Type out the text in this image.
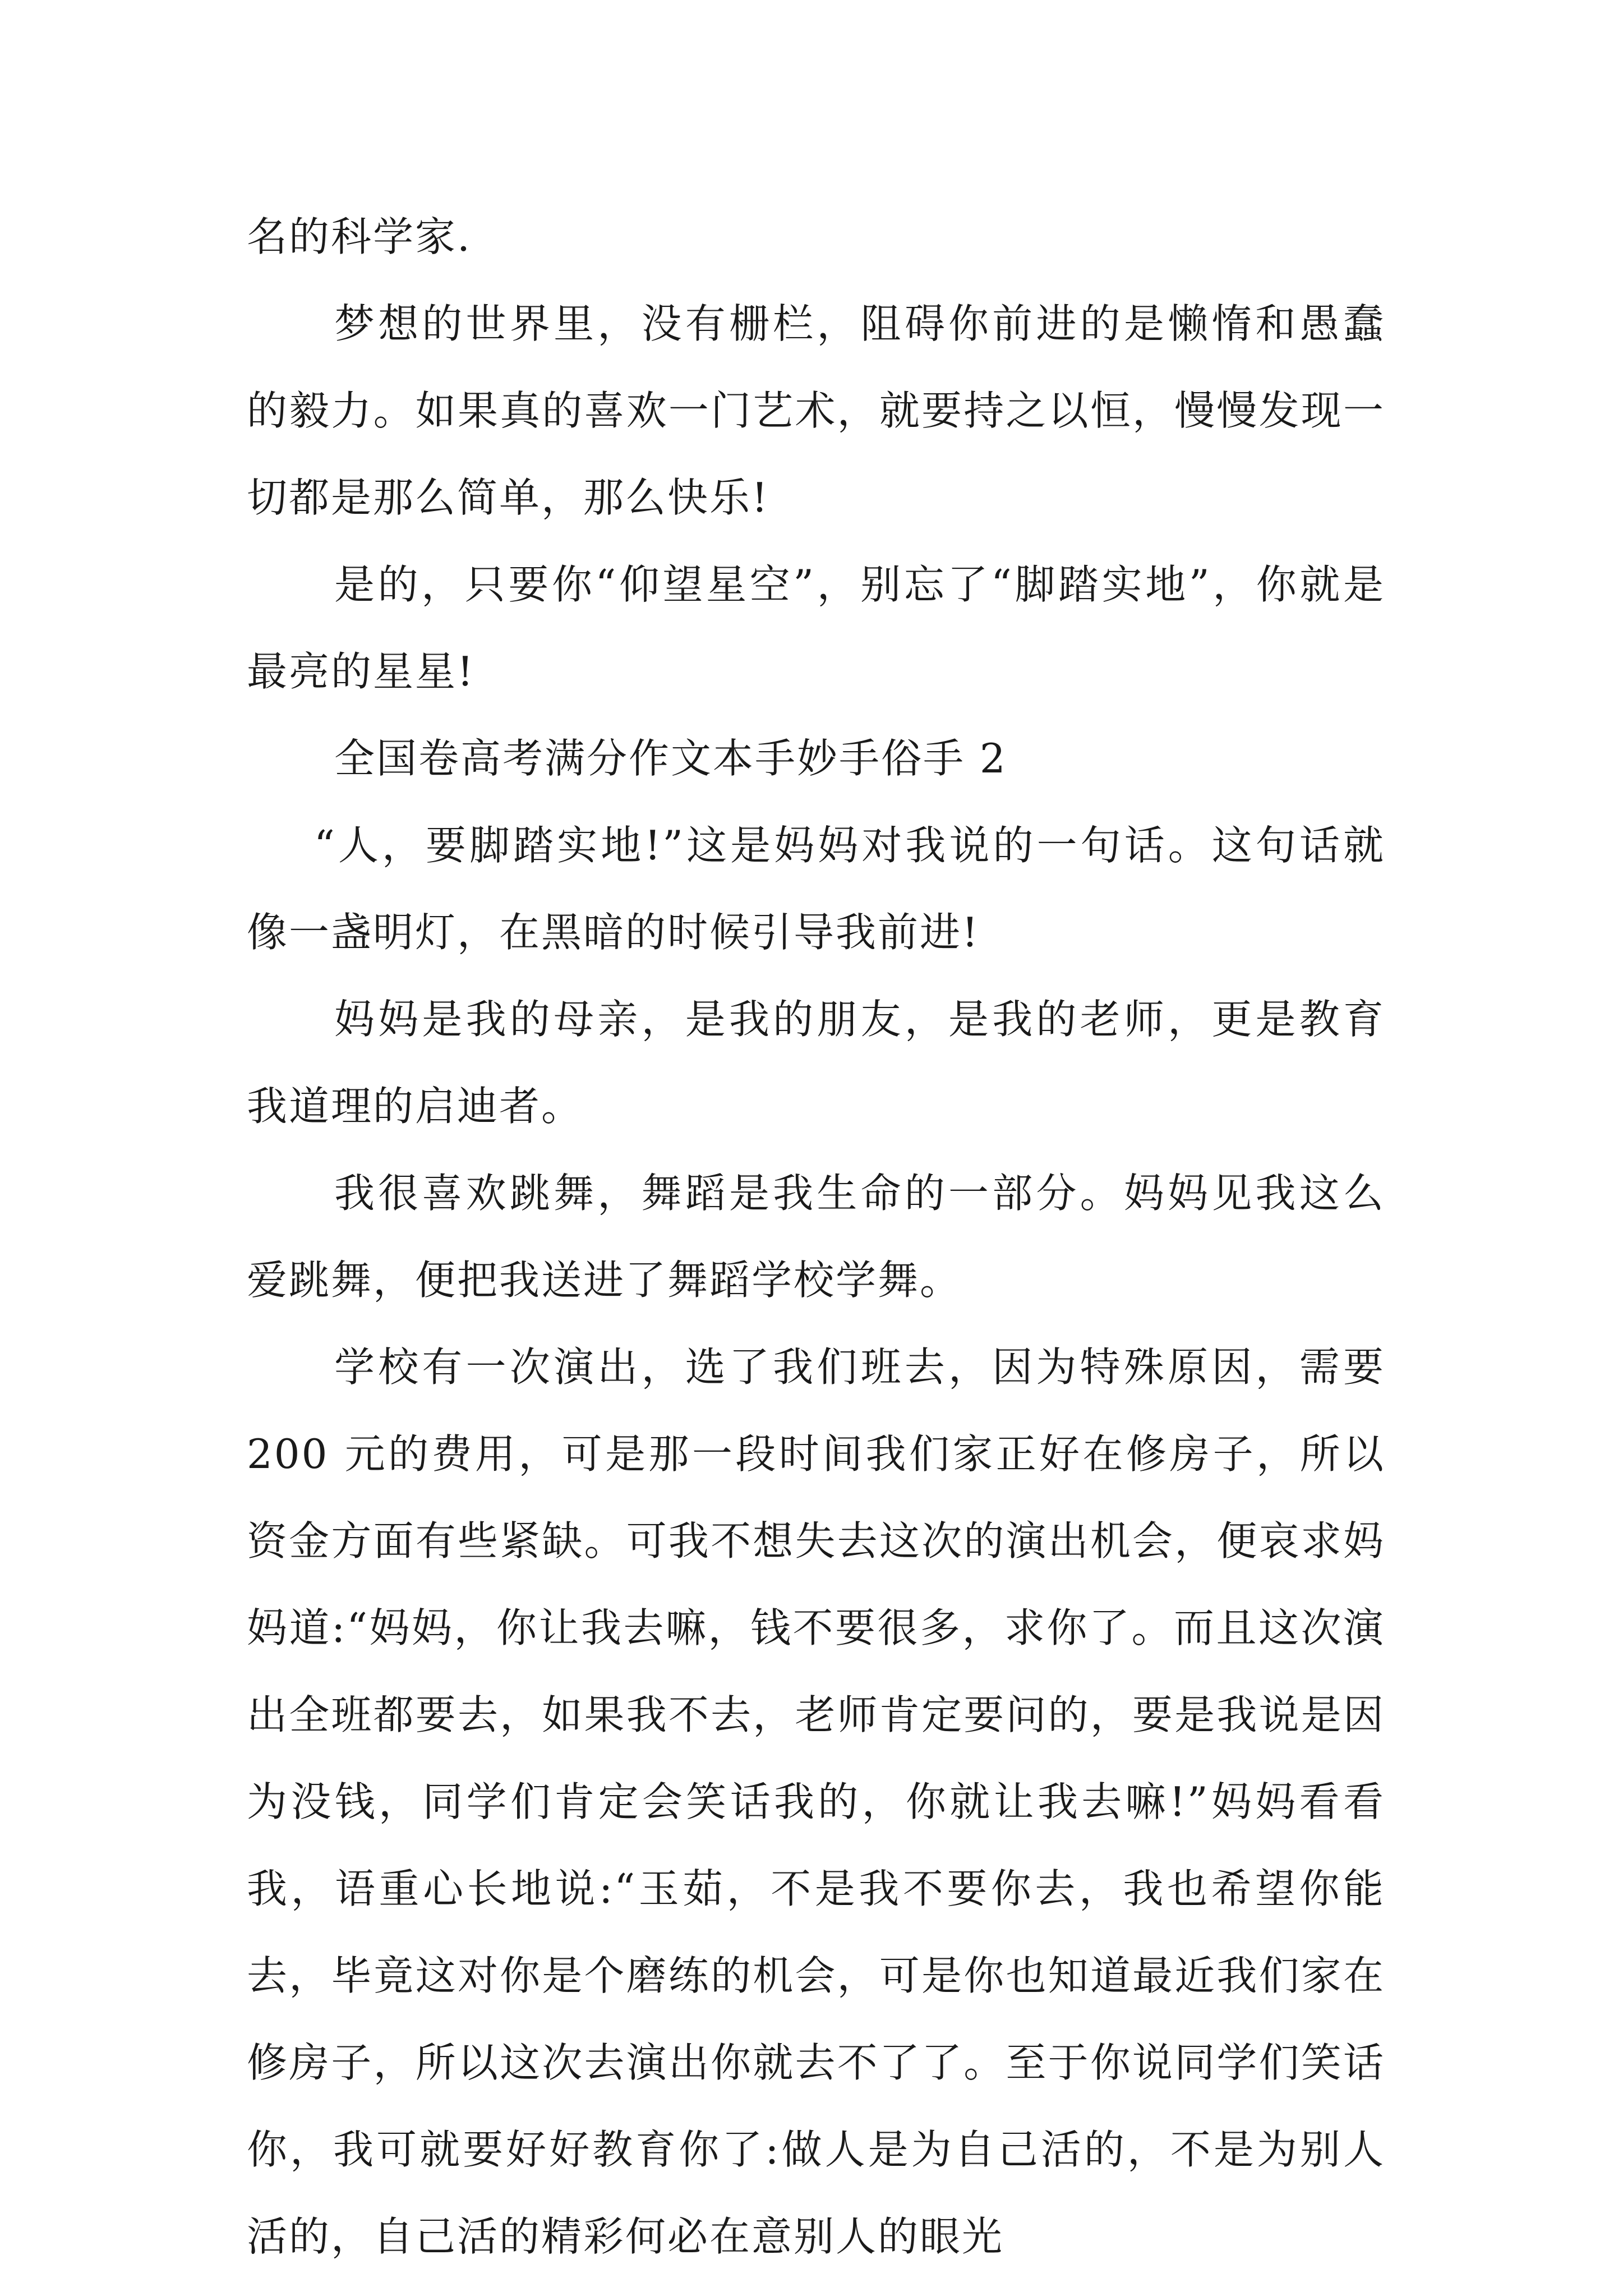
名的科学家.

梦想的世界里，没有栅栏，阻碍你前进的是懒惰和愚蠢的毅力。如果真的喜欢一门艺术，就要持之以恒，慢慢发现一切都是那么简单，那么快乐!

是的，只要你“仰望星空”，别忘了“脚踏实地”，你就是最亮的星星!

全国卷高考满分作文本手妙手俗手 2

“人，要脚踏实地!”这是妈妈对我说的一句话。这句话就像一盏明灯，在黑暗的时候引导我前进!

妈妈是我的母亲，是我的朋友，是我的老师，更是教育我道理的启迪者。

我很喜欢跳舞，舞蹈是我生命的一部分。妈妈见我这么爱跳舞，便把我送进了舞蹈学校学舞。

学校有一次演出，选了我们班去，因为特殊原因，需要200 元的费用，可是那一段时间我们家正好在修房子，所以资金方面有些紧缺。可我不想失去这次的演出机会，便哀求妈妈道:“妈妈，你让我去嘛，钱不要很多，求你了。而且这次演出全班都要去，如果我不去，老师肯定要问的，要是我说是因为没钱，同学们肯定会笑话我的，你就让我去嘛!”妈妈看看我，语重心长地说:“玉茹，不是我不要你去，我也希望你能去，毕竟这对你是个磨练的机会，可是你也知道最近我们家在修房子，所以这次去演出你就去不了了。至于你说同学们笑话你，我可就要好好教育你了:做人是为自己活的，不是为别人活的，自己活的精彩何必在意别人的眼光
